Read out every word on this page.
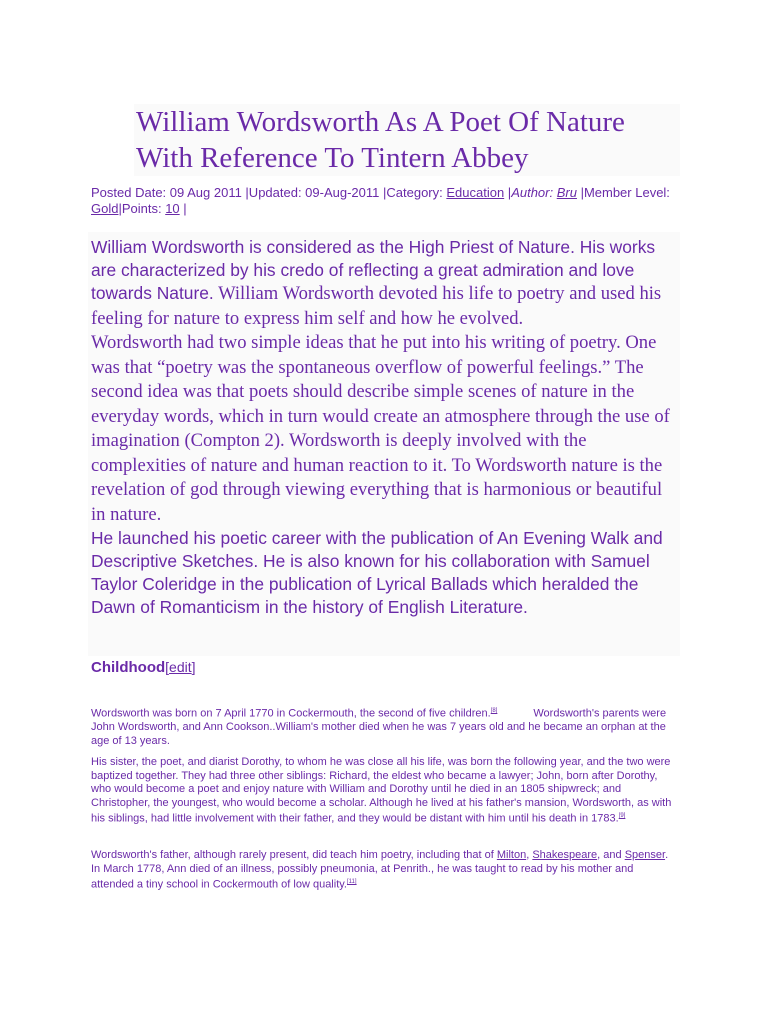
William Wordsworth As A Poet Of Nature With Reference To Tintern Abbey
Posted Date: 09 Aug 2011 |Updated: 09-Aug-2011 |Category: Education |Author: Bru |Member Level: Gold|Points: 10 |

William Wordsworth is considered as the High Priest of Nature. His works are characterized by his credo of reflecting a great admiration and love towards Nature. William Wordsworth devoted his life to poetry and used his feeling for nature to express him self and how he evolved.

Wordsworth had two simple ideas that he put into his writing of poetry. One was that “poetry was the spontaneous overflow of powerful feelings.” The second idea was that poets should describe simple scenes of nature in the everyday words, which in turn would create an atmosphere through the use of imagination (Compton 2). Wordsworth is deeply involved with the complexities of nature and human reaction to it. To Wordsworth nature is the revelation of god through viewing everything that is harmonious or beautiful in nature.

He launched his poetic career with the publication of An Evening Walk and Descriptive Sketches. He is also known for his collaboration with Samuel Taylor Coleridge in the publication of Lyrical Ballads which heralded the Dawn of Romanticism in the history of English Literature.

Childhood[edit]

Wordsworth was born on 7 April 1770 in Cockermouth, the second of five children.[8]	Wordsworth's parents were John Wordsworth, and Ann Cookson..William's mother died when he was 7 years old and he became an orphan at the age of 13 years.

His sister, the poet, and diarist Dorothy, to whom he was close all his life, was born the following year, and the two were baptized together. They had three other siblings: Richard, the eldest who became a lawyer; John, born after Dorothy, who would become a poet and enjoy nature with William and Dorothy until he died in an 1805 shipwreck; and Christopher, the youngest, who would become a scholar. Although he lived at his father's mansion, Wordsworth, as with his siblings, had little involvement with their father, and they would be distant with him until his death in 1783.[9]

Wordsworth's father, although rarely present, did teach him poetry, including that of Milton, Shakespeare, and Spenser. In March 1778, Ann died of an illness, possibly pneumonia, at Penrith., he was taught to read by his mother and attended a tiny school in Cockermouth of low quality.[11]
